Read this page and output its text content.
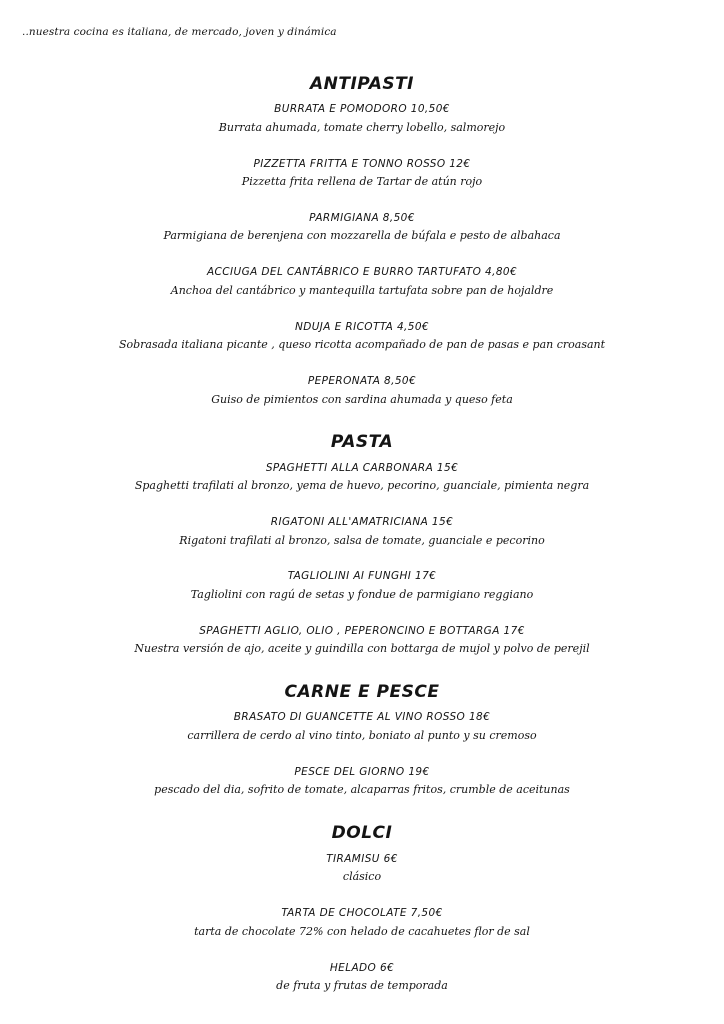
..nuestra cocina es italiana, de mercado, joven y dinámica
ANTIPASTI
BURRATA E POMODORO 10,50€
Burrata ahumada, tomate cherry lobello, salmorejo
PIZZETTA FRITTA E TONNO ROSSO 12€
Pizzetta frita rellena de Tartar de atún rojo
PARMIGIANA 8,50€
Parmigiana de berenjena con mozzarella de búfala e pesto de albahaca
ACCIUGA DEL CANTÁBRICO E BURRO TARTUFATO 4,80€
Anchoa del cantábrico y mantequilla tartufata sobre pan de hojaldre
NDUJA E RICOTTA 4,50€
Sobrasada italiana picante , queso ricotta acompañado de pan de pasas e pan croasant
PEPERONATA 8,50€
Guiso de pimientos con sardina ahumada y queso feta
PASTA
SPAGHETTI ALLA CARBONARA 15€
Spaghetti trafilati al bronzo, yema de huevo, pecorino, guanciale, pimienta negra
RIGATONI ALL'AMATRICIANA 15€
Rigatoni trafilati al bronzo, salsa de tomate, guanciale e pecorino
TAGLIOLINI AI FUNGHI 17€
Tagliolini con ragú de setas y fondue de parmigiano reggiano
SPAGHETTI AGLIO, OLIO , PEPERONCINO E BOTTARGA 17€
Nuestra versión de ajo, aceite y guindilla con bottarga de mujol y polvo de perejil
CARNE E PESCE
BRASATO DI GUANCETTE AL VINO ROSSO 18€
carrillera de cerdo al vino tinto, boniato al punto y su cremoso
PESCE DEL GIORNO 19€
pescado del dia, sofrito de tomate, alcaparras fritos, crumble de aceitunas
DOLCI
TIRAMISU 6€
clásico
TARTA DE CHOCOLATE 7,50€
tarta de chocolate 72% con helado de cacahuetes flor de sal
HELADO 6€
de fruta y frutas de temporada
